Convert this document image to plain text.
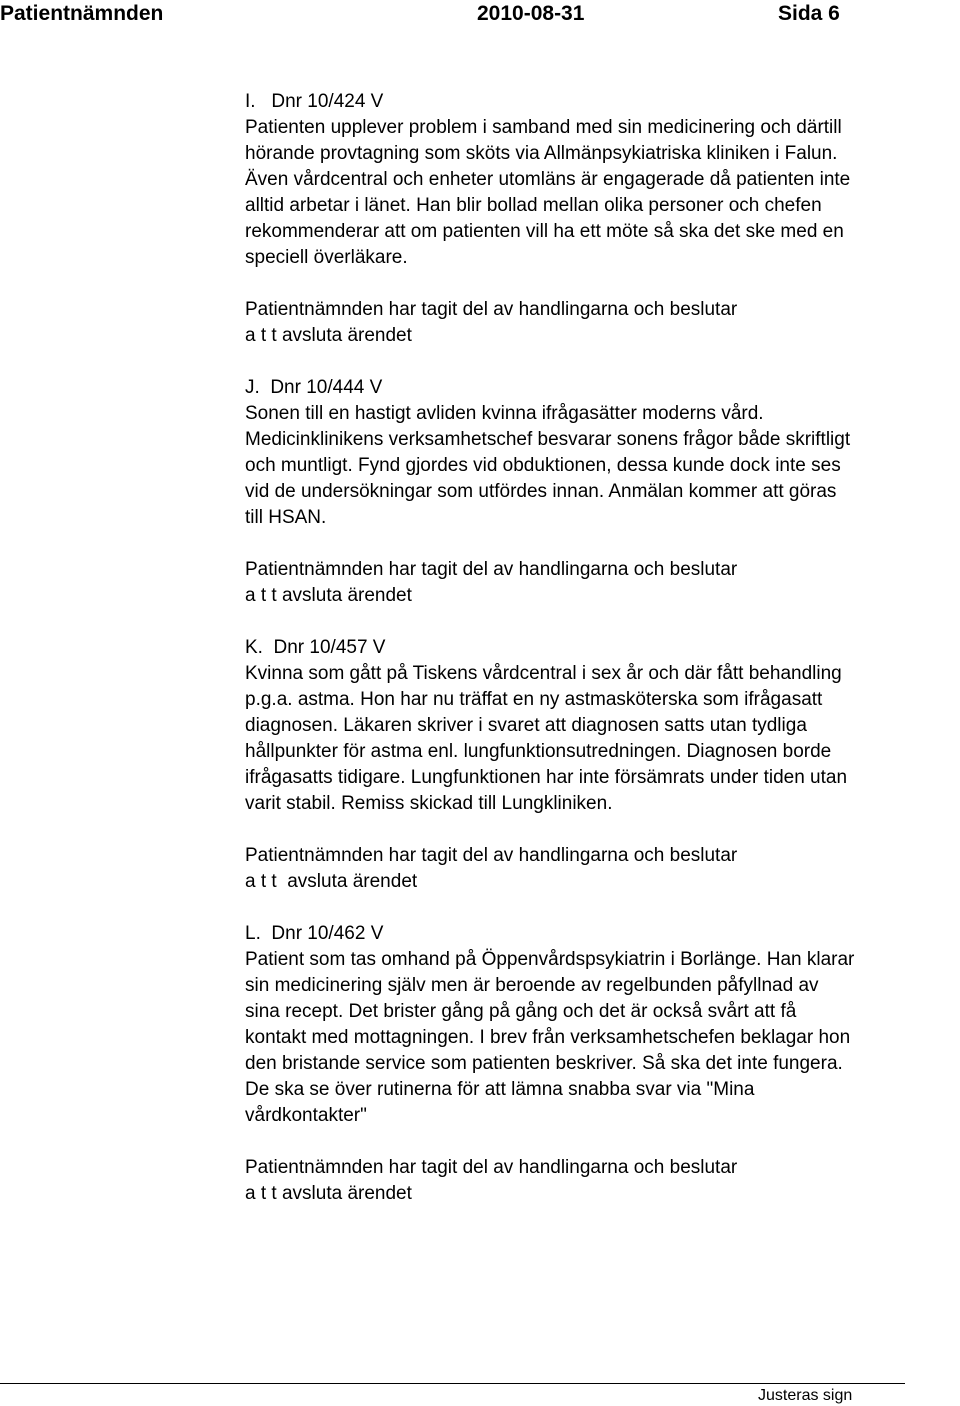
Patientnämnden	2010-08-31	Sida 6

I.   Dnr 10/424 V
Patienten upplever problem i samband med sin medicinering och därtill
hörande provtagning som sköts via Allmänpsykiatriska kliniken i Falun.
Även vårdcentral och enheter utomläns är engagerade då patienten inte
alltid arbetar i länet. Han blir bollad mellan olika personer och chefen
rekommenderar att om patienten vill ha ett möte så ska det ske med en
speciell överläkare.

Patientnämnden har tagit del av handlingarna och beslutar
a t t avsluta ärendet

J.  Dnr 10/444 V
Sonen till en hastigt avliden kvinna ifrågasätter moderns vård.
Medicinklinikens verksamhetschef besvarar sonens frågor både skriftligt
och muntligt. Fynd gjordes vid obduktionen, dessa kunde dock inte ses
vid de undersökningar som utfördes innan. Anmälan kommer att göras
till HSAN.

Patientnämnden har tagit del av handlingarna och beslutar
a t t avsluta ärendet

K.  Dnr 10/457 V
Kvinna som gått på Tiskens vårdcentral i sex år och där fått behandling
p.g.a. astma. Hon har nu träffat en ny astmasköterska som ifrågasatt
diagnosen. Läkaren skriver i svaret att diagnosen satts utan tydliga
hållpunkter för astma enl. lungfunktionsutredningen. Diagnosen borde
ifrågasatts tidigare. Lungfunktionen har inte försämrats under tiden utan
varit stabil. Remiss skickad till Lungkliniken.

Patientnämnden har tagit del av handlingarna och beslutar
a t t  avsluta ärendet

L.  Dnr 10/462 V
Patient som tas omhand på Öppenvårdspsykiatrin i Borlänge. Han klarar
sin medicinering själv men är beroende av regelbunden påfyllnad av
sina recept. Det brister gång på gång och det är också svårt att få
kontakt med mottagningen. I brev från verksamhetschefen beklagar hon
den bristande service som patienten beskriver. Så ska det inte fungera.
De ska se över rutinerna för att lämna snabba svar via "Mina
vårdkontakter"

Patientnämnden har tagit del av handlingarna och beslutar
a t t avsluta ärendet

Justeras sign
